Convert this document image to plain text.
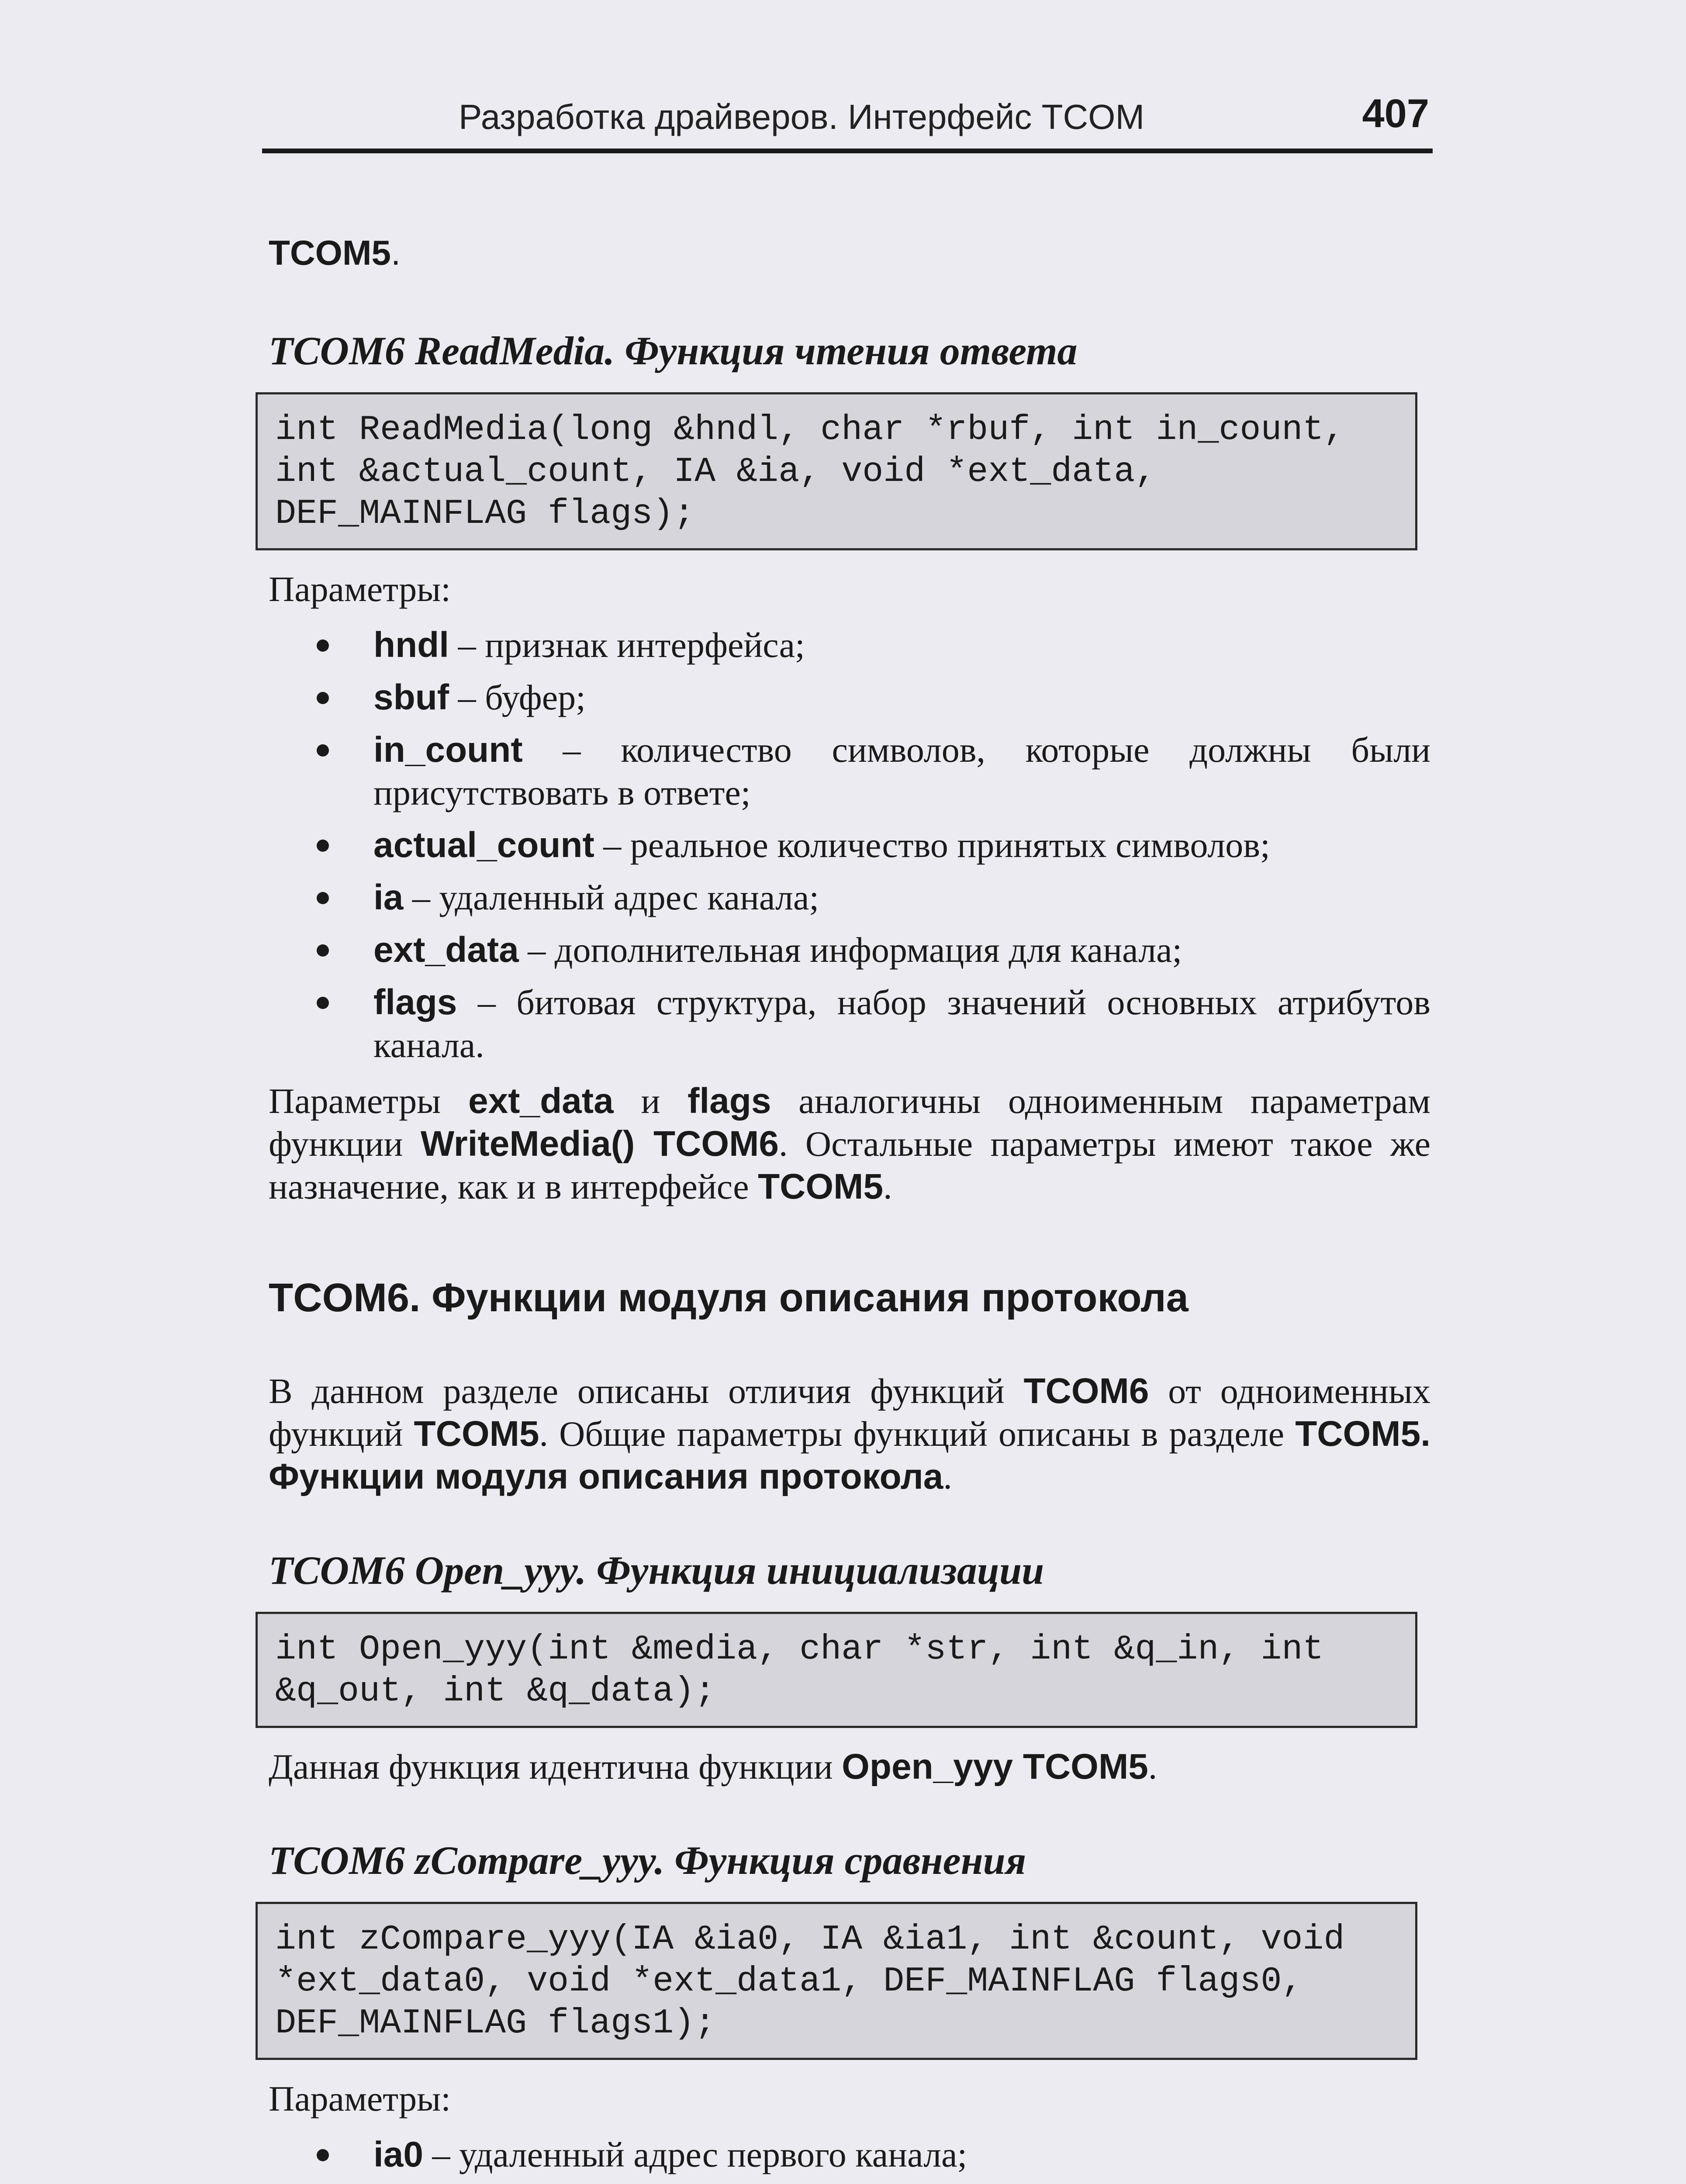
Разработка драйверов. Интерфейс TCOM	407

TCOM5.

TCOM6 ReadMedia. Функция чтения ответа
int ReadMedia(long &hndl, char *rbuf, int in_count,
int &actual_count, IA &ia, void *ext_data,
DEF_MAINFLAG flags);

Параметры:

hndl – признак интерфейса;
sbuf – буфер;
in_count – количество символов, которые должны были присутствовать в ответе;
actual_count – реальное количество принятых символов;
ia – удаленный адрес канала;
ext_data – дополнительная информация для канала;
flags – битовая структура, набор значений основных атрибутов канала.

Параметры ext_data и flags аналогичны одноименным параметрам функции WriteMedia() TCOM6. Остальные параметры имеют такое же назначение, как и в интерфейсе TCOM5.

TCOM6. Функции модуля описания протокола

В данном разделе описаны отличия функций TCOM6 от одноименных функций TCOM5. Общие параметры функций описаны в разделе TCOM5. Функции модуля описания протокола.

TCOM6 Open_yyy. Функция инициализации
int Open_yyy(int &media, char *str, int &q_in, int
&q_out, int &q_data);

Данная функция идентична функции Open_yyy TCOM5.

TCOM6 zCompare_yyy. Функция сравнения
int zCompare_yyy(IA &ia0, IA &ia1, int &count, void
*ext_data0, void *ext_data1, DEF_MAINFLAG flags0,
DEF_MAINFLAG flags1);

Параметры:

ia0 – удаленный адрес первого канала;
